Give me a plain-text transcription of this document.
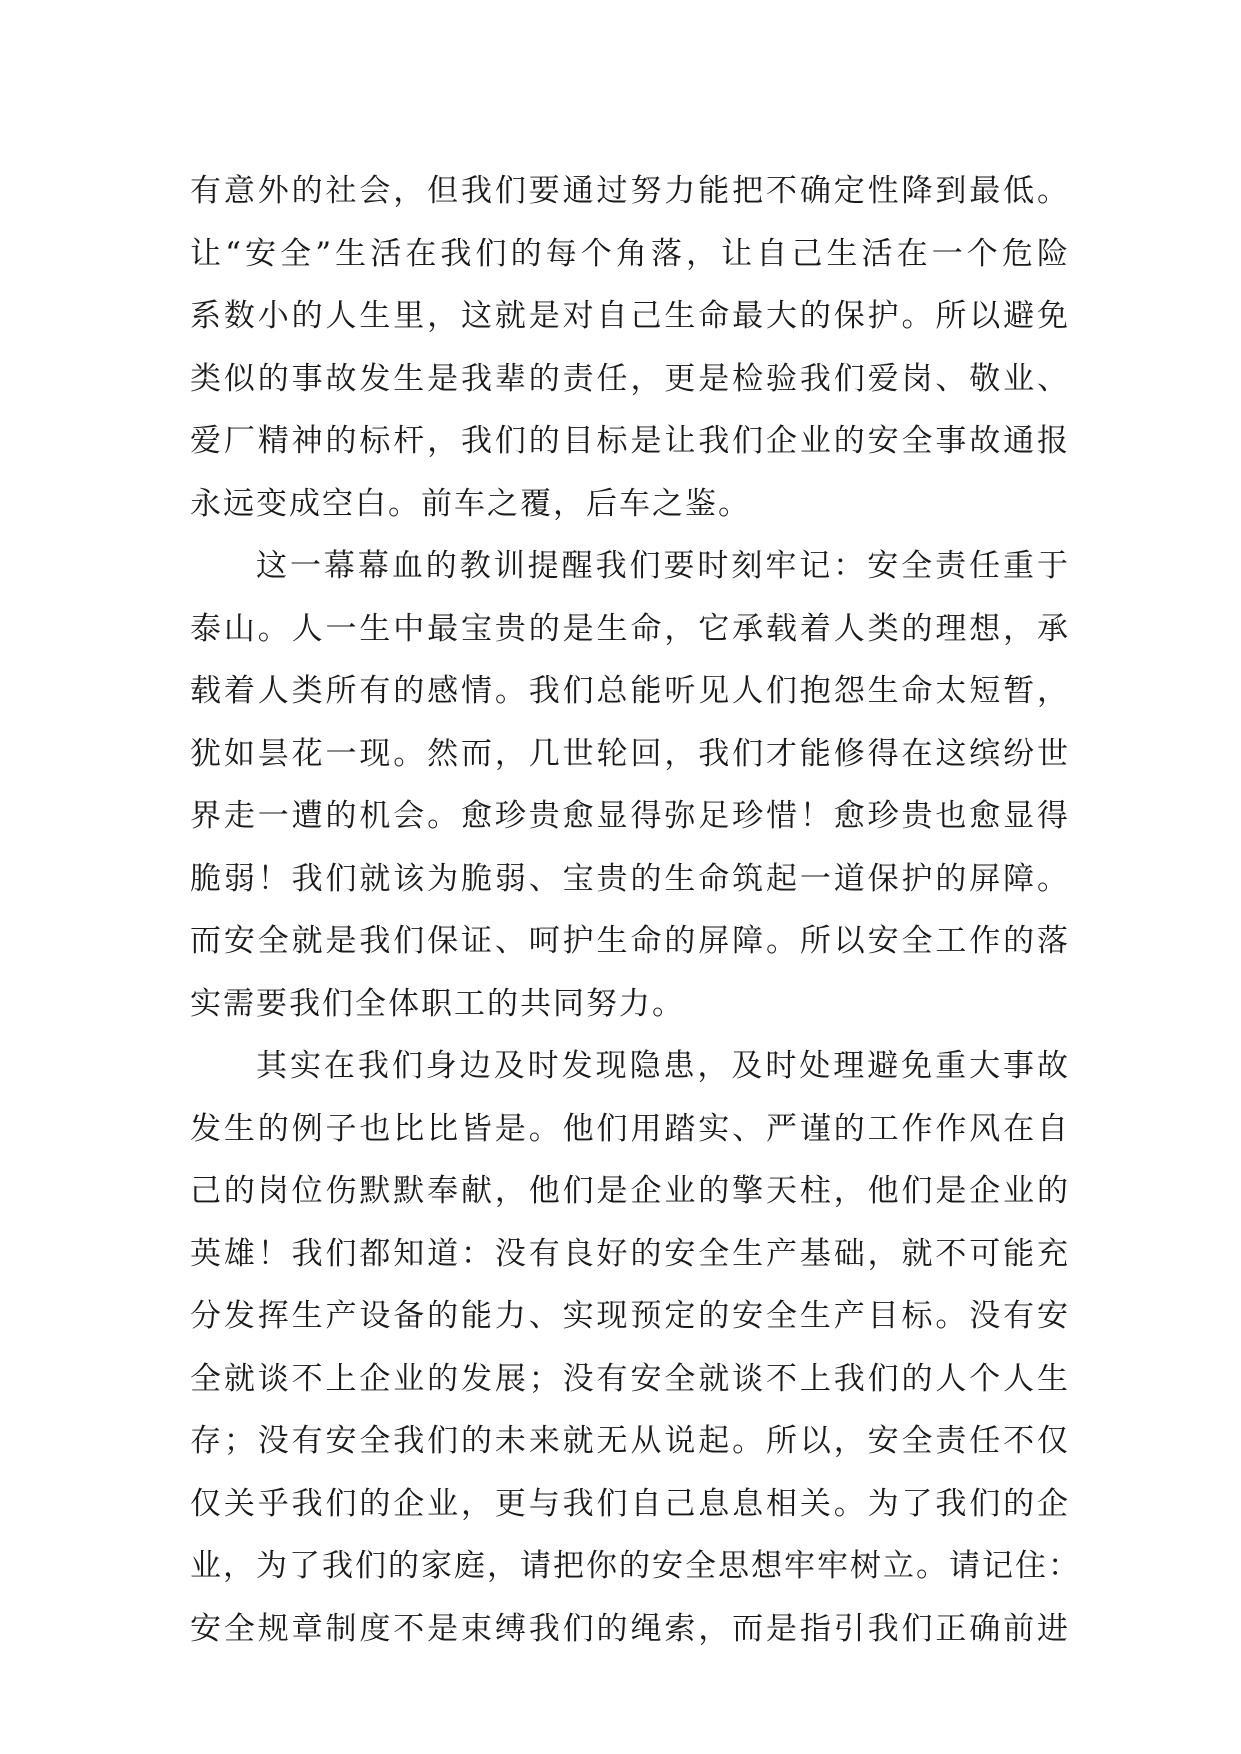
有意外的社会，但我们要通过努力能把不确定性降到最低。
让“安全”生活在我们的每个角落，让自己生活在一个危险
系数小的人生里，这就是对自己生命最大的保护。所以避免
类似的事故发生是我辈的责任，更是检验我们爱岗、敬业、
爱厂精神的标杆，我们的目标是让我们企业的安全事故通报
永远变成空白。前车之覆，后车之鉴。
这一幕幕血的教训提醒我们要时刻牢记：安全责任重于
泰山。人一生中最宝贵的是生命，它承载着人类的理想，承
载着人类所有的感情。我们总能听见人们抱怨生命太短暂，
犹如昙花一现。然而，几世轮回，我们才能修得在这缤纷世
界走一遭的机会。愈珍贵愈显得弥足珍惜！愈珍贵也愈显得
脆弱！我们就该为脆弱、宝贵的生命筑起一道保护的屏障。
而安全就是我们保证、呵护生命的屏障。所以安全工作的落
实需要我们全体职工的共同努力。
其实在我们身边及时发现隐患，及时处理避免重大事故
发生的例子也比比皆是。他们用踏实、严谨的工作作风在自
己的岗位伤默默奉献，他们是企业的擎天柱，他们是企业的
英雄！我们都知道：没有良好的安全生产基础，就不可能充
分发挥生产设备的能力、实现预定的安全生产目标。没有安
全就谈不上企业的发展；没有安全就谈不上我们的人个人生
存；没有安全我们的未来就无从说起。所以，安全责任不仅
仅关乎我们的企业，更与我们自己息息相关。为了我们的企
业，为了我们的家庭，请把你的安全思想牢牢树立。请记住：
安全规章制度不是束缚我们的绳索，而是指引我们正确前进
